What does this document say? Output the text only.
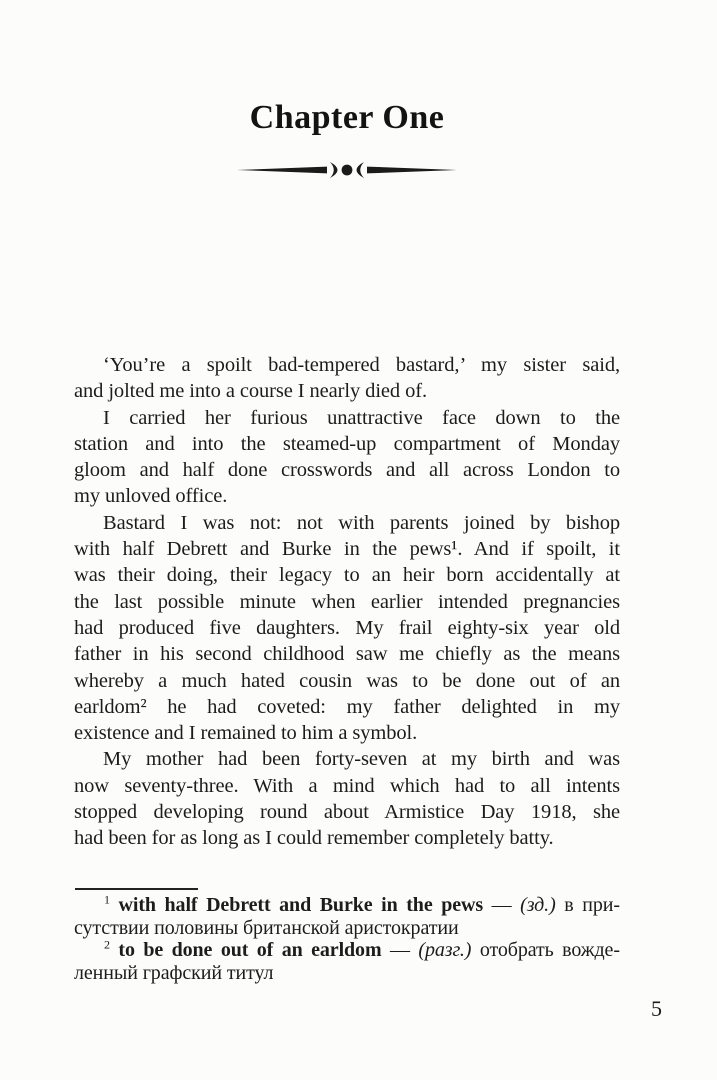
Chapter One
‘You’re a spoilt bad-tempered bastard,’ my sister said,
and jolted me into a course I nearly died of.
I carried her furious unattractive face down to the
station and into the steamed-up compartment of Monday
gloom and half done crosswords and all across London to
my unloved office.
Bastard I was not: not with parents joined by bishop
with half Debrett and Burke in the pews¹. And if spoilt, it
was their doing, their legacy to an heir born accidentally at
the last possible minute when earlier intended pregnancies
had produced five daughters. My frail eighty-six year old
father in his second childhood saw me chiefly as the means
whereby a much hated cousin was to be done out of an
earldom² he had coveted: my father delighted in my
existence and I remained to him a symbol.
My mother had been forty-seven at my birth and was
now seventy-three. With a mind which had to all intents
stopped developing round about Armistice Day 1918, she
had been for as long as I could remember completely batty.

$^1$ with half Debrett and Burke in the pews — (зд.) в присутствии половины британской аристократии

$^2$ to be done out of an earldom — (разг.) отобрать вожделенный графский титул

5
